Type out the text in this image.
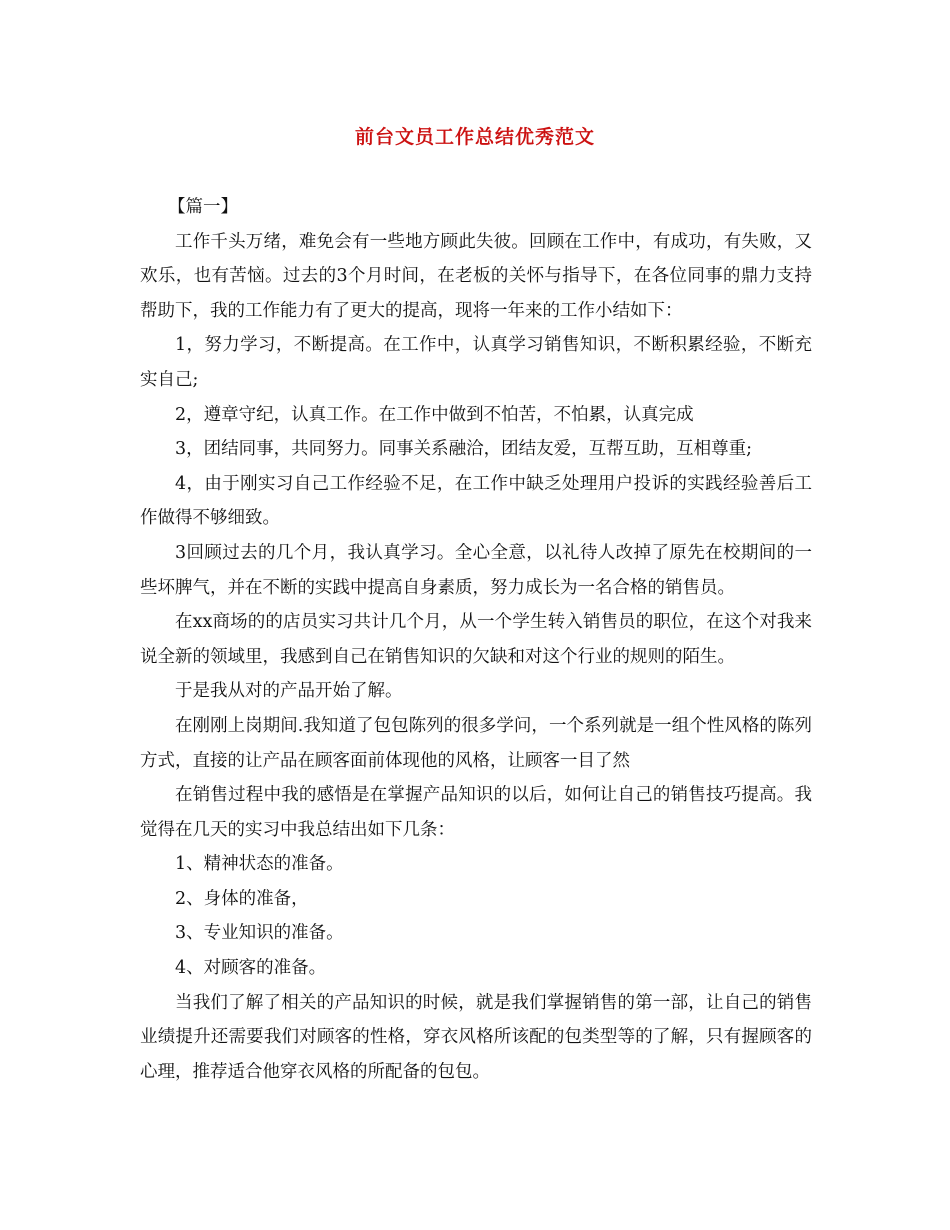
前台文员工作总结优秀范文

【篇一】

工作千头万绪，难免会有一些地方顾此失彼。回顾在工作中，有成功，有失败，又欢乐，也有苦恼。过去的3个月时间，在老板的关怀与指导下，在各位同事的鼎力支持帮助下，我的工作能力有了更大的提高，现将一年来的工作小结如下：

1，努力学习，不断提高。在工作中，认真学习销售知识，不断积累经验，不断充实自己;

2，遵章守纪，认真工作。在工作中做到不怕苦，不怕累，认真完成

3，团结同事，共同努力。同事关系融洽，团结友爱，互帮互助，互相尊重;

4，由于刚实习自己工作经验不足，在工作中缺乏处理用户投诉的实践经验善后工作做得不够细致。

3回顾过去的几个月，我认真学习。全心全意，以礼待人改掉了原先在校期间的一些坏脾气，并在不断的实践中提高自身素质，努力成长为一名合格的销售员。

在xx商场的的店员实习共计几个月，从一个学生转入销售员的职位，在这个对我来说全新的领域里，我感到自己在销售知识的欠缺和对这个行业的规则的陌生。

于是我从对的产品开始了解。

在刚刚上岗期间.我知道了包包陈列的很多学问，一个系列就是一组个性风格的陈列方式，直接的让产品在顾客面前体现他的风格，让顾客一目了然

在销售过程中我的感悟是在掌握产品知识的以后，如何让自己的销售技巧提高。我觉得在几天的实习中我总结出如下几条：

1、精神状态的准备。

2、身体的准备，

3、专业知识的准备。

4、对顾客的准备。

当我们了解了相关的产品知识的时候，就是我们掌握销售的第一部，让自己的销售业绩提升还需要我们对顾客的性格，穿衣风格所该配的包类型等的了解，只有握顾客的心理，推荐适合他穿衣风格的所配备的包包。
